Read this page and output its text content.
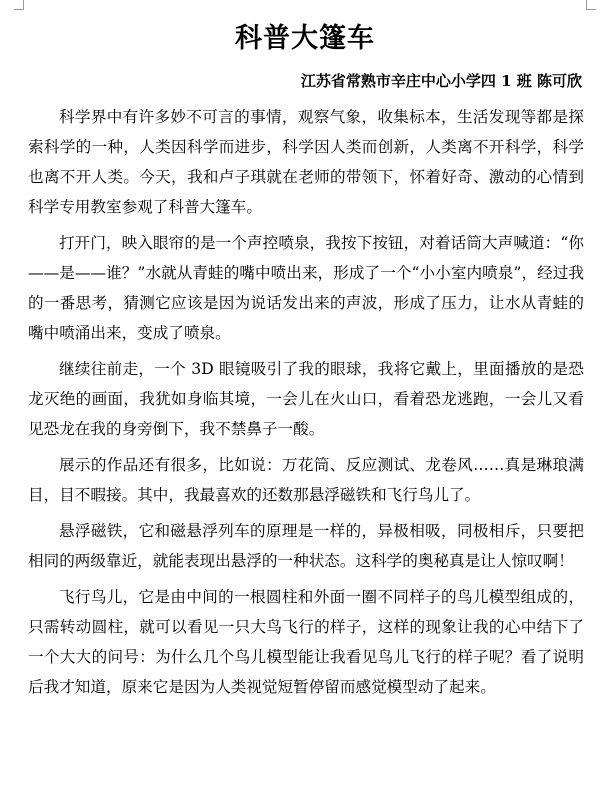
科普大篷车
江苏省常熟市辛庄中心小学四 1 班 陈可欣

科学界中有许多妙不可言的事情，观察气象，收集标本，生活发现等都是探索科学的一种，人类因科学而进步，科学因人类而创新，人类离不开科学，科学也离不开人类。今天，我和卢子琪就在老师的带领下，怀着好奇、激动的心情到科学专用教室参观了科普大篷车。

打开门，映入眼帘的是一个声控喷泉，我按下按钮，对着话筒大声喊道：“你——是——谁？”水就从青蛙的嘴中喷出来，形成了一个“小小室内喷泉”，经过我的一番思考，猜测它应该是因为说话发出来的声波，形成了压力，让水从青蛙的嘴中喷涌出来，变成了喷泉。

继续往前走，一个 3D 眼镜吸引了我的眼球，我将它戴上，里面播放的是恐龙灭绝的画面，我犹如身临其境，一会儿在火山口，看着恐龙逃跑，一会儿又看见恐龙在我的身旁倒下，我不禁鼻子一酸。

展示的作品还有很多，比如说：万花筒、反应测试、龙卷风……真是琳琅满目，目不暇接。其中，我最喜欢的还数那悬浮磁铁和飞行鸟儿了。

悬浮磁铁，它和磁悬浮列车的原理是一样的，异极相吸，同极相斥，只要把相同的两级靠近，就能表现出悬浮的一种状态。这科学的奥秘真是让人惊叹啊！

飞行鸟儿，它是由中间的一根圆柱和外面一圈不同样子的鸟儿模型组成的，只需转动圆柱，就可以看见一只大鸟飞行的样子，这样的现象让我的心中结下了一个大大的问号：为什么几个鸟儿模型能让我看见鸟儿飞行的样子呢？看了说明后我才知道，原来它是因为人类视觉短暂停留而感觉模型动了起来。
